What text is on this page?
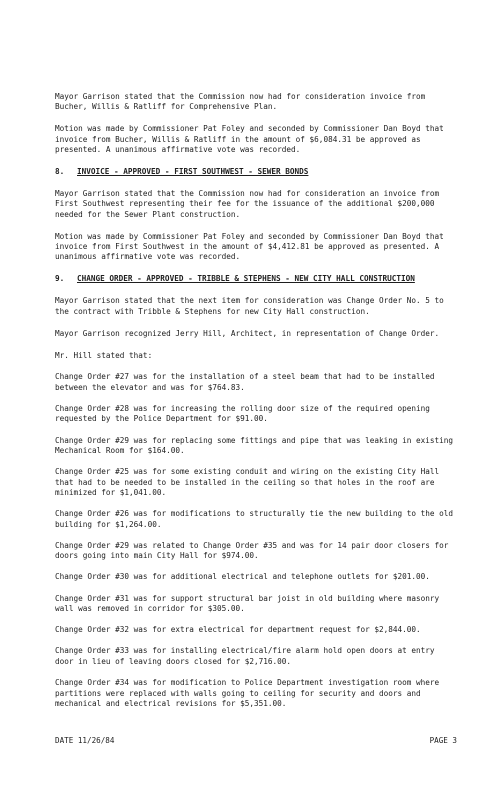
Mayor Garrison stated that the Commission now had for consideration invoice from Bucher, Willis & Ratliff for Comprehensive Plan.

Motion was made by Commissioner Pat Foley and seconded by Commissioner Dan Boyd that invoice from Bucher, Willis & Ratliff in the amount of $6,084.31 be approved as presented. A unanimous affirmative vote was recorded.

8.	INVOICE - APPROVED - FIRST SOUTHWEST - SEWER BONDS

Mayor Garrison stated that the Commission now had for consideration an invoice from First Southwest representing their fee for the issuance of the additional $200,000 needed for the Sewer Plant construction.

Motion was made by Commissioner Pat Foley and seconded by Commissioner Dan Boyd that invoice from First Southwest in the amount of $4,412.81 be approved as presented. A unanimous affirmative vote was recorded.

9.	CHANGE ORDER - APPROVED - TRIBBLE & STEPHENS - NEW CITY HALL CONSTRUCTION

Mayor Garrison stated that the next item for consideration was Change Order No. 5 to the contract with Tribble & Stephens for new City Hall construction.

Mayor Garrison recognized Jerry Hill, Architect, in representation of Change Order.

Mr. Hill stated that:

Change Order #27 was for the installation of a steel beam that had to be installed between the elevator and was for $764.83.

Change Order #28 was for increasing the rolling door size of the required opening requested by the Police Department for $91.00.

Change Order #29 was for replacing some fittings and pipe that was leaking in existing Mechanical Room for $164.00.

Change Order #25 was for some existing conduit and wiring on the existing City Hall that had to be needed to be installed in the ceiling so that holes in the roof are minimized for $1,041.00.

Change Order #26 was for modifications to structurally tie the new building to the old building for $1,264.00.

Change Order #29 was related to Change Order #35 and was for 14 pair door closers for doors going into main City Hall for $974.00.

Change Order #30 was for additional electrical and telephone outlets for $201.00.

Change Order #31 was for support structural bar joist in old building where masonry wall was removed in corridor for $305.00.

Change Order #32 was for extra electrical for department request for $2,844.00.

Change Order #33 was for installing electrical/fire alarm hold open doors at entry door in lieu of leaving doors closed for $2,716.00.

Change Order #34 was for modification to Police Department investigation room where partitions were replaced with walls going to ceiling for security and doors and mechanical and electrical revisions for $5,351.00.

DATE 11/26/84	PAGE 3
